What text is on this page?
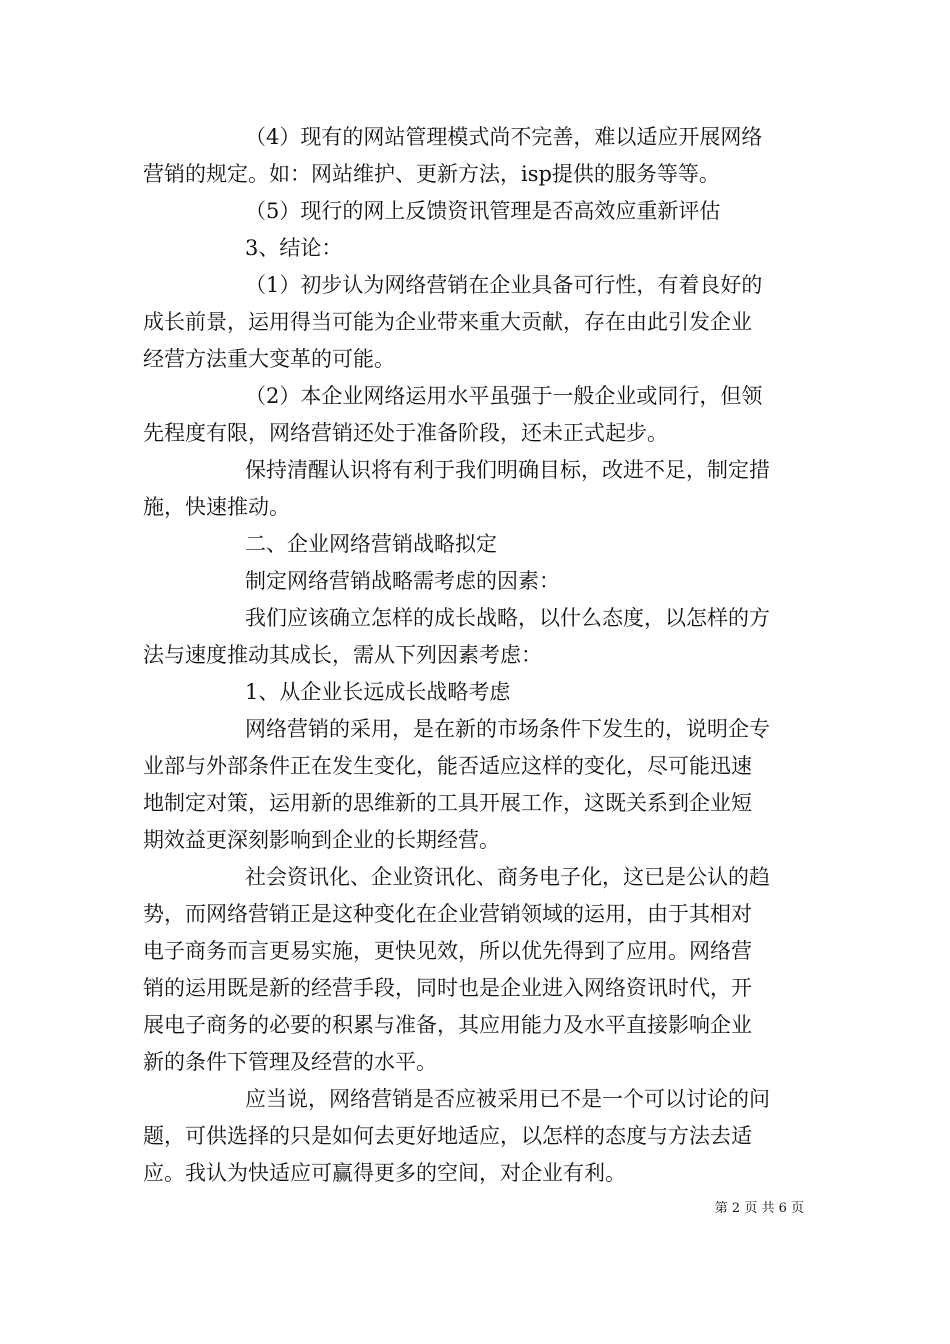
（4）现有的网站管理模式尚不完善，难以适应开展网络
营销的规定。如：网站维护、更新方法，isp提供的服务等等。
（5）现行的网上反馈资讯管理是否高效应重新评估
3、结论：
（1）初步认为网络营销在企业具备可行性，有着良好的
成长前景，运用得当可能为企业带来重大贡献，存在由此引发企业
经营方法重大变革的可能。
（2）本企业网络运用水平虽强于一般企业或同行，但领
先程度有限，网络营销还处于准备阶段，还未正式起步。
保持清醒认识将有利于我们明确目标，改进不足，制定措
施，快速推动。
二、企业网络营销战略拟定
制定网络营销战略需考虑的因素：
我们应该确立怎样的成长战略，以什么态度，以怎样的方
法与速度推动其成长，需从下列因素考虑：
1、从企业长远成长战略考虑
网络营销的采用，是在新的市场条件下发生的，说明企专
业部与外部条件正在发生变化，能否适应这样的变化，尽可能迅速
地制定对策，运用新的思维新的工具开展工作，这既关系到企业短
期效益更深刻影响到企业的长期经营。
社会资讯化、企业资讯化、商务电子化，这已是公认的趋
势，而网络营销正是这种变化在企业营销领域的运用，由于其相对
电子商务而言更易实施，更快见效，所以优先得到了应用。网络营
销的运用既是新的经营手段，同时也是企业进入网络资讯时代，开
展电子商务的必要的积累与准备，其应用能力及水平直接影响企业
新的条件下管理及经营的水平。
应当说，网络营销是否应被采用已不是一个可以讨论的问
题，可供选择的只是如何去更好地适应，以怎样的态度与方法去适
应。我认为快适应可赢得更多的空间，对企业有利。
第 2 页 共 6 页
